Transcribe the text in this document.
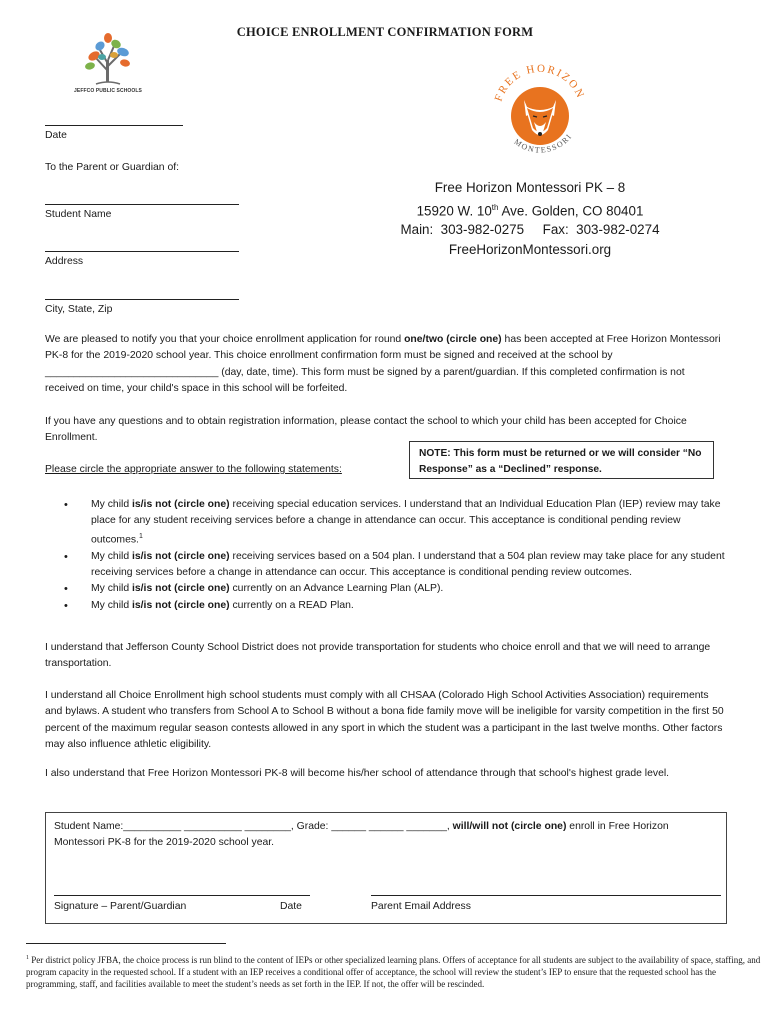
CHOICE ENROLLMENT CONFIRMATION FORM
JEFFCO PUBLIC SCHOOLS
FREE HORIZON
MONTESSORI
Date
To the Parent or Guardian of:
Student Name
Address
City, State, Zip
Free Horizon Montessori PK – 8
15920 W. 10th Ave. Golden, CO 80401
Main:  303-982-0275     Fax:  303-982-0274
FreeHorizonMontessori.org
We are pleased to notify you that your choice enrollment application for round one/two (circle one) has been accepted at Free Horizon Montessori PK-8 for the 2019-2020 school year. This choice enrollment confirmation form must be signed and received at the school by ______________________________ (day, date, time). This form must be signed by a parent/guardian. If this completed confirmation is not received on time, your child's space in this school will be forfeited.
If you have any questions and to obtain registration information, please contact the school to which your child has been accepted for Choice Enrollment.
Please circle the appropriate answer to the following statements:
NOTE: This form must be returned or we will consider “No Response” as a “Declined” response.
• My child is/is not (circle one) receiving special education services. I understand that an Individual Education Plan (IEP) review may take place for any student receiving services before a change in attendance can occur. This acceptance is conditional pending review outcomes.$^1$
• My child is/is not (circle one) receiving services based on a 504 plan. I understand that a 504 plan review may take place for any student receiving services before a change in attendance can occur. This acceptance is conditional pending review outcomes.
• My child is/is not (circle one) currently on an Advance Learning Plan (ALP).
• My child is/is not (circle one) currently on a READ Plan.
I understand that Jefferson County School District does not provide transportation for students who choice enroll and that we will need to arrange transportation.
I understand all Choice Enrollment high school students must comply with all CHSAA (Colorado High School Activities Association) requirements and bylaws. A student who transfers from School A to School B without a bona fide family move will be ineligible for varsity competition in the first 50 percent of the maximum regular season contests allowed in any sport in which the student was a participant in the last twelve months. Other factors may also influence athletic eligibility.
I also understand that Free Horizon Montessori PK-8 will become his/her school of attendance through that school's highest grade level.
Student Name:__________ __________ ________, Grade: ______ ______ _______, will/will not (circle one) enroll in Free Horizon Montessori PK-8 for the 2019-2020 school year.
Signature – Parent/Guardian	Date	Parent Email Address
$^1$ Per district policy JFBA, the choice process is run blind to the content of IEPs or other specialized learning plans. Offers of acceptance for all students are subject to the availability of space, staffing, and program capacity in the requested school. If a student with an IEP receives a conditional offer of acceptance, the school will review the student’s IEP to ensure that the requested school has the programming, staff, and facilities available to meet the student’s needs as set forth in the IEP. If not, the offer will be rescinded.
